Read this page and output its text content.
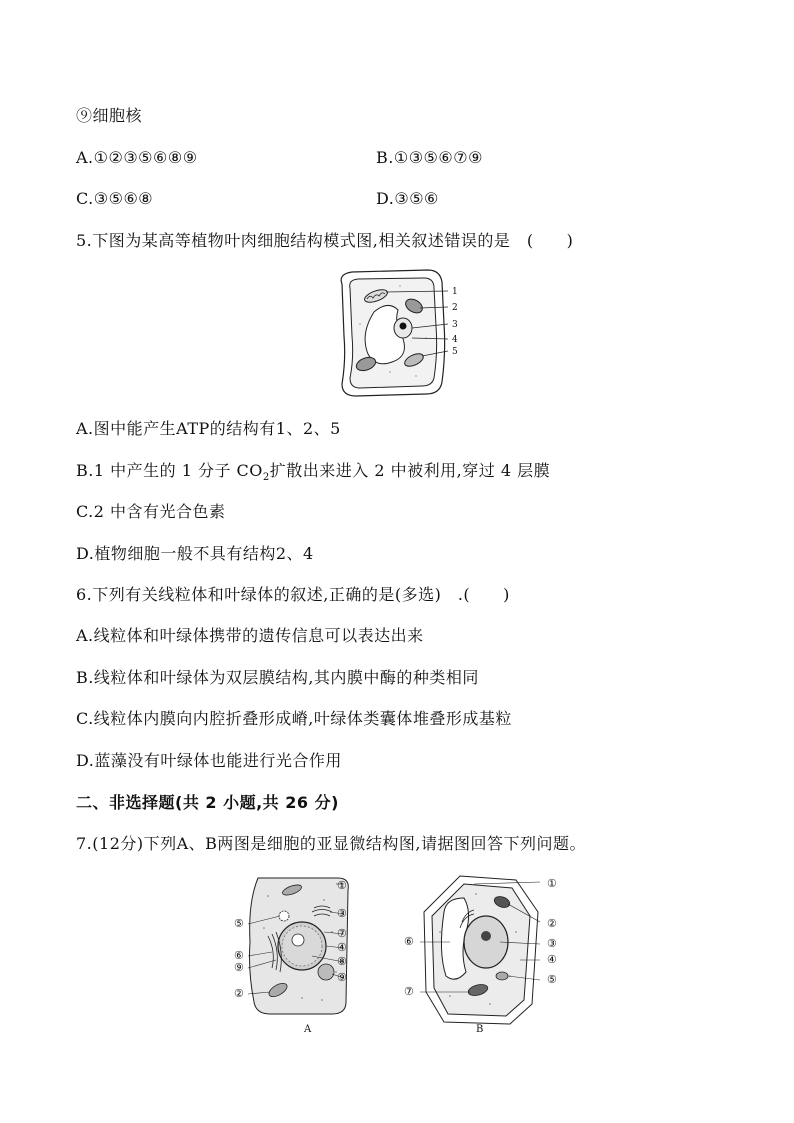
⑨细胞核
A.①②③⑤⑥⑧⑨	B.①③⑤⑥⑦⑨
C.③⑤⑥⑧	D.③⑤⑥
5.下图为某高等植物叶肉细胞结构模式图,相关叙述错误的是　(　　)
1
2
3
4
5
A.图中能产生ATP的结构有1、2、5
B.1 中产生的 1 分子 $CO_2$扩散出来进入 2 中被利用,穿过 4 层膜
C.2 中含有光合色素
D.植物细胞一般不具有结构2、4
6.下列有关线粒体和叶绿体的叙述,正确的是(多选)　.(　　)
A.线粒体和叶绿体携带的遗传信息可以表达出来
B.线粒体和叶绿体为双层膜结构,其内膜中酶的种类相同
C.线粒体内膜向内腔折叠形成嵴,叶绿体类囊体堆叠形成基粒
D.蓝藻没有叶绿体也能进行光合作用
二、非选择题(共 2 小题,共 26 分)
7.(12分)下列A、B两图是细胞的亚显微结构图,请据图回答下列问题。
①
③
⑦
④
⑧
⑨
⑤
⑥
⑨
②
A
①
②
③
④
⑤
⑥
⑦
B
